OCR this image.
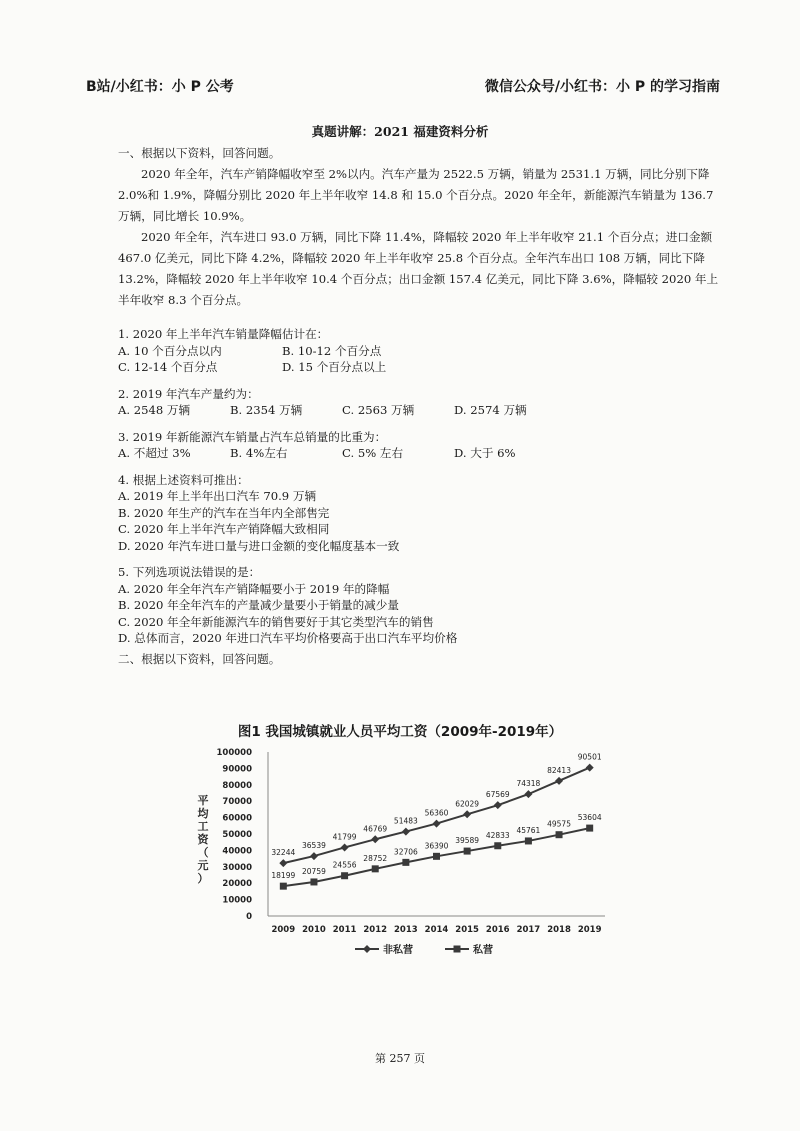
B站/小红书：小 P 公考	微信公众号/小红书：小 P 的学习指南
真题讲解：2021 福建资料分析

一、根据以下资料，回答问题。

2020 年全年，汽车产销降幅收窄至 2%以内。汽车产量为 2522.5 万辆，销量为 2531.1 万辆，同比分别下降 2.0%和 1.9%，降幅分别比 2020 年上半年收窄 14.8 和 15.0 个百分点。2020 年全年，新能源汽车销量为 136.7 万辆，同比增长 10.9%。

2020 年全年，汽车进口 93.0 万辆，同比下降 11.4%，降幅较 2020 年上半年收窄 21.1 个百分点；进口金额 467.0 亿美元，同比下降 4.2%，降幅较 2020 年上半年收窄 25.8 个百分点。全年汽车出口 108 万辆，同比下降 13.2%，降幅较 2020 年上半年收窄 10.4 个百分点；出口金额 157.4 亿美元，同比下降 3.6%，降幅较 2020 年上半年收窄 8.3 个百分点。

1. 2020 年上半年汽车销量降幅估计在：
A. 10 个百分点以内	B. 10-12 个百分点
C. 12-14 个百分点	D. 15 个百分点以上
2. 2019 年汽车产量约为：
A. 2548 万辆	B. 2354 万辆	C. 2563 万辆	D. 2574 万辆
3. 2019 年新能源汽车销量占汽车总销量的比重为：
A. 不超过 3%	B. 4%左右	C. 5% 左右	D. 大于 6%
4. 根据上述资料可推出：
A. 2019 年上半年出口汽车 70.9 万辆
B. 2020 年生产的汽车在当年内全部售完
C. 2020 年上半年汽车产销降幅大致相同
D. 2020 年汽车进口量与进口金额的变化幅度基本一致
5. 下列选项说法错误的是：
A. 2020 年全年汽车产销降幅要小于 2019 年的降幅
B. 2020 年全年汽车的产量减少量要小于销量的减少量
C. 2020 年全年新能源汽车的销售要好于其它类型汽车的销售
D. 总体而言，2020 年进口汽车平均价格要高于出口汽车平均价格

二、根据以下资料，回答问题。

图1 我国城镇就业人员平均工资（2009年-2019年）
0
10000
20000
30000
40000
50000
60000
70000
80000
90000
100000
2009 2010 2011 2012 2013 2014 2015 2016 2017 2018 2019
平
均
工
资
（
元
）
32244
36539
41799
46769
51483
56360
62029
67569
74318
82413
90501
18199 20759
24556
28752
32706
36390
39589
42833
45761
49575
53604
非私营	私营
第 257 页
